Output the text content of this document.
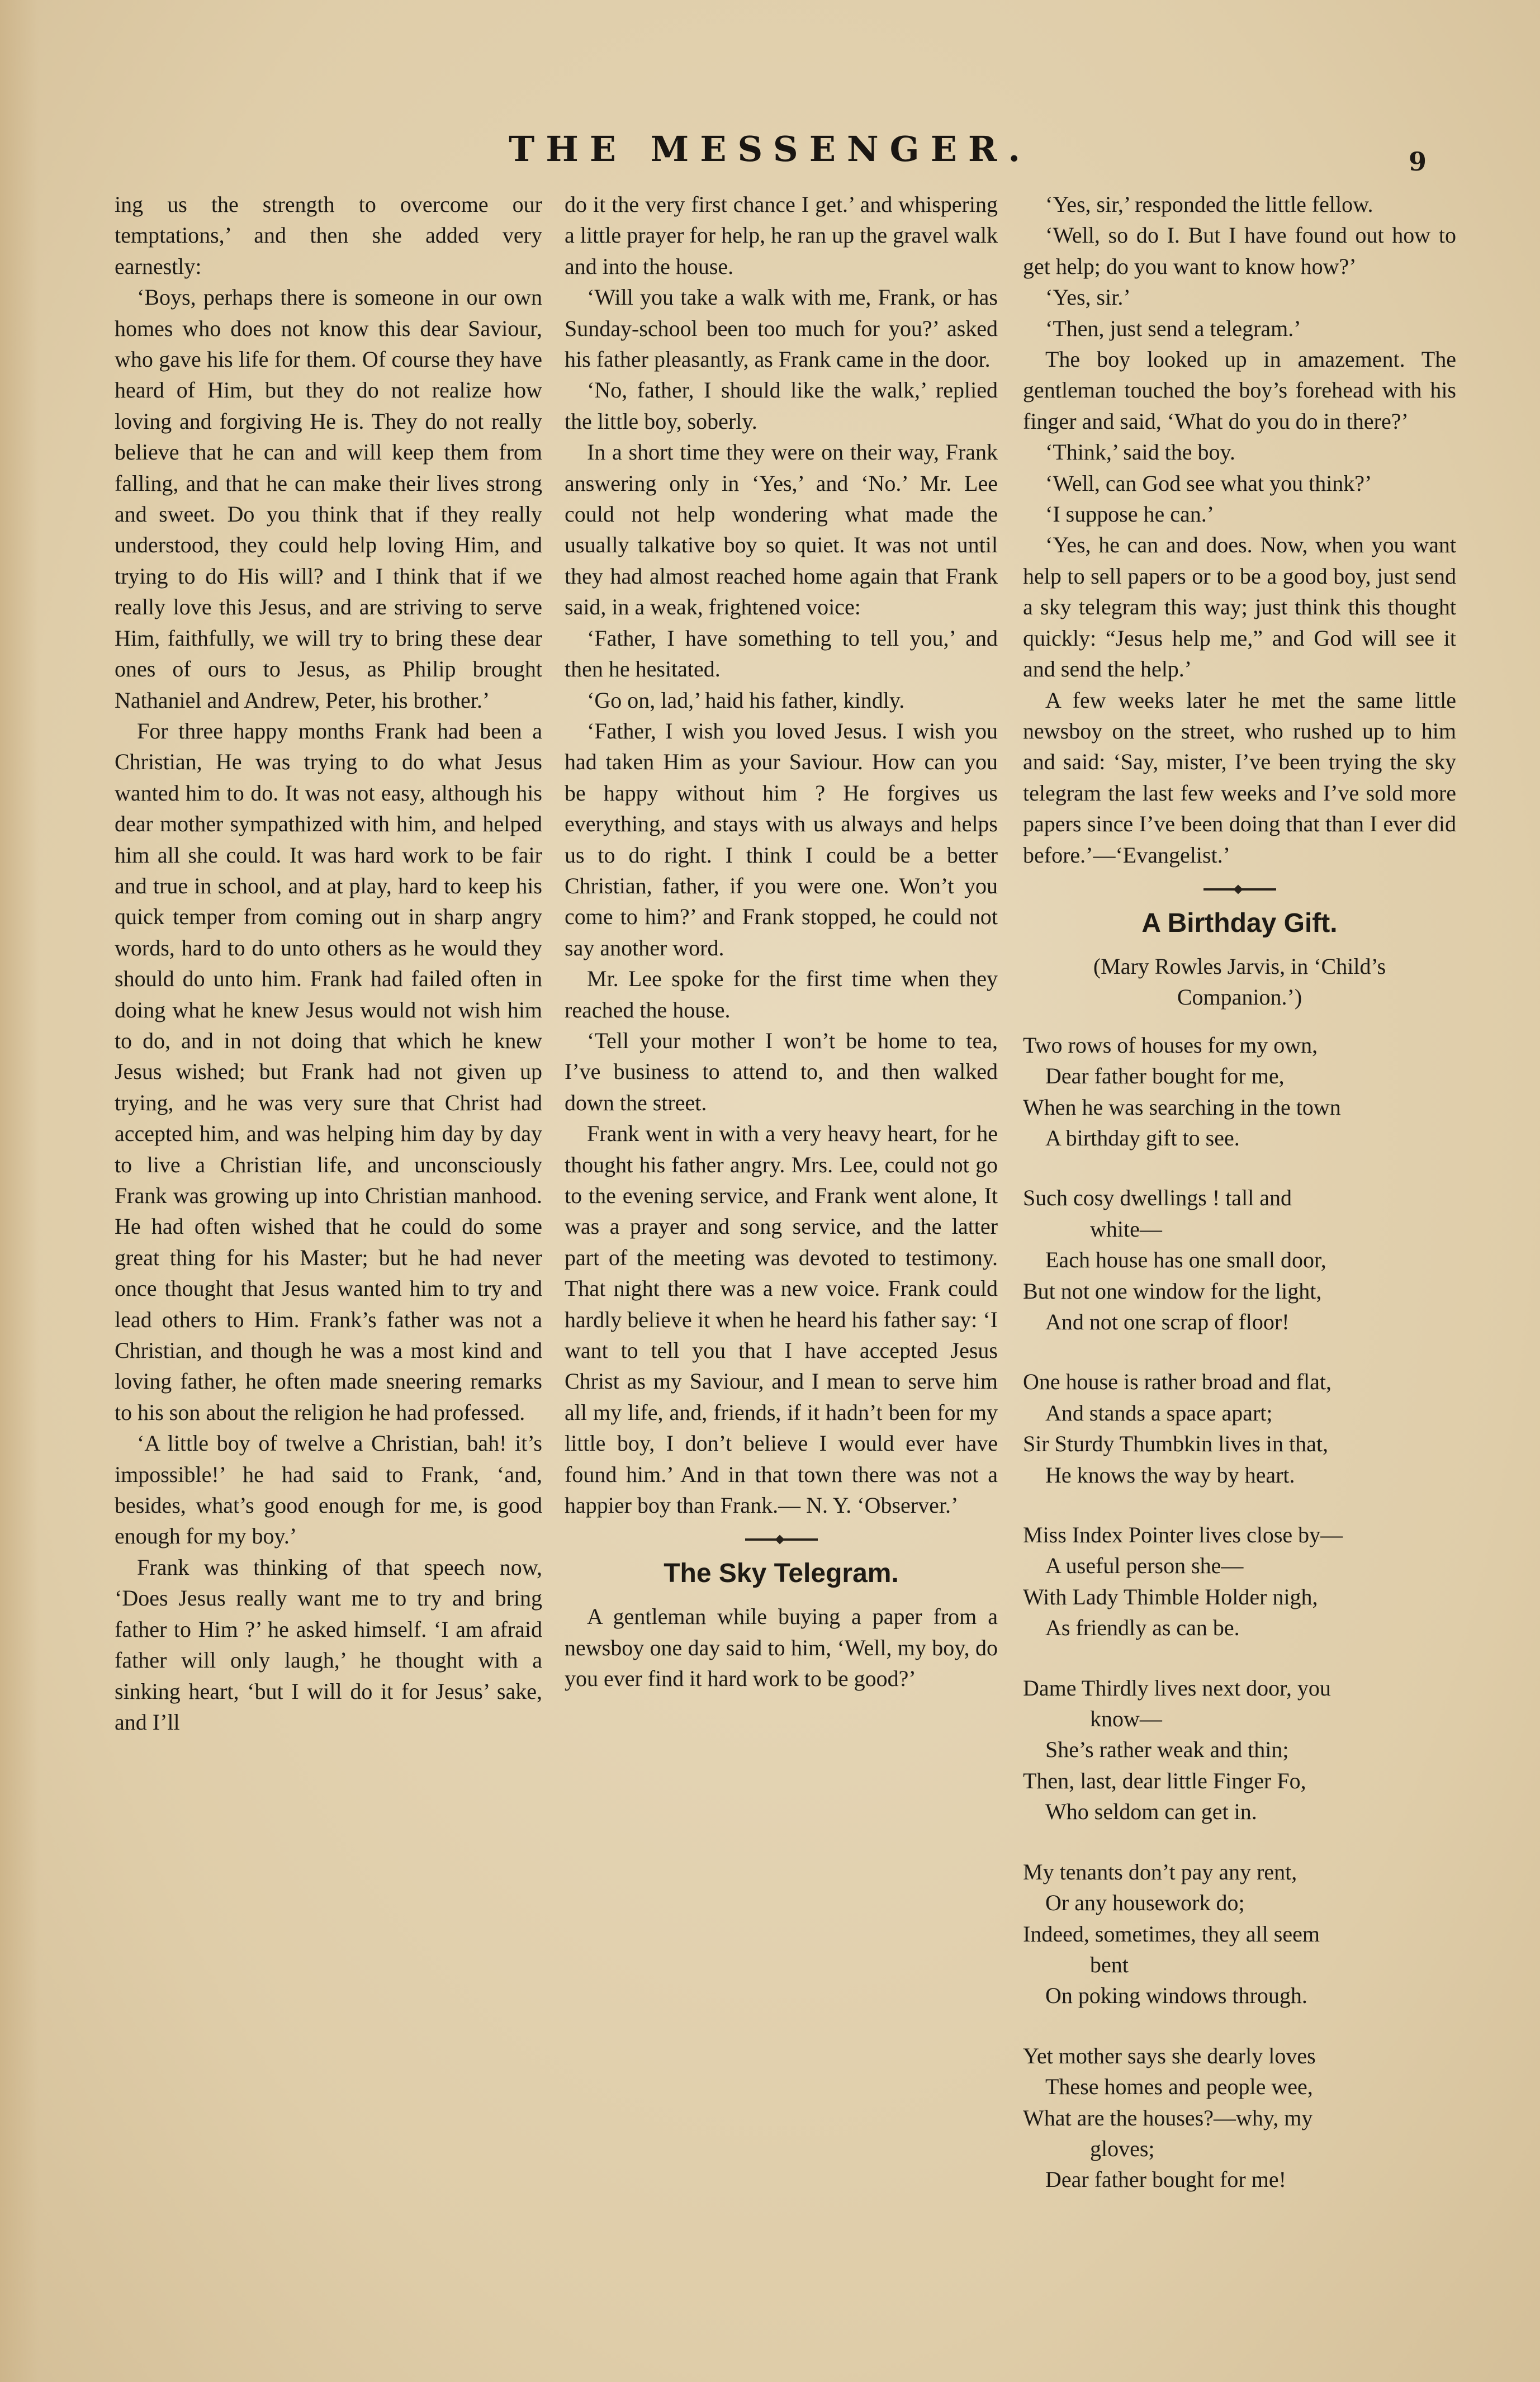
THE MESSENGER.	9

ing us the strength to overcome our temptations,’ and then she added very earnestly:

‘Boys, perhaps there is someone in our own homes who does not know this dear Saviour, who gave his life for them. Of course they have heard of Him, but they do not realize how loving and forgiving He is. They do not really believe that he can and will keep them from falling, and that he can make their lives strong and sweet. Do you think that if they really understood, they could help loving Him, and trying to do His will? and I think that if we really love this Jesus, and are striving to serve Him, faithfully, we will try to bring these dear ones of ours to Jesus, as Philip brought Nathaniel and Andrew, Peter, his brother.’

For three happy months Frank had been a Christian, He was trying to do what Jesus wanted him to do. It was not easy, although his dear mother sympathized with him, and helped him all she could. It was hard work to be fair and true in school, and at play, hard to keep his quick temper from coming out in sharp angry words, hard to do unto others as he would they should do unto him. Frank had failed often in doing what he knew Jesus would not wish him to do, and in not doing that which he knew Jesus wished; but Frank had not given up trying, and he was very sure that Christ had accepted him, and was helping him day by day to live a Christian life, and unconsciously Frank was growing up into Christian manhood. He had often wished that he could do some great thing for his Master; but he had never once thought that Jesus wanted him to try and lead others to Him. Frank’s father was not a Christian, and though he was a most kind and loving father, he often made sneering remarks to his son about the religion he had professed.

‘A little boy of twelve a Christian, bah! it’s impossible!’ he had said to Frank, ‘and, besides, what’s good enough for me, is good enough for my boy.’

Frank was thinking of that speech now, ‘Does Jesus really want me to try and bring father to Him ?’ he asked himself. ‘I am afraid father will only laugh,’ he thought with a sinking heart, ‘but I will do it for Jesus’ sake, and I’ll

do it the very first chance I get.’ and whispering a little prayer for help, he ran up the gravel walk and into the house.

‘Will you take a walk with me, Frank, or has Sunday-school been too much for you?’ asked his father pleasantly, as Frank came in the door.

‘No, father, I should like the walk,’ replied the little boy, soberly.

In a short time they were on their way, Frank answering only in ‘Yes,’ and ‘No.’ Mr. Lee could not help wondering what made the usually talkative boy so quiet. It was not until they had almost reached home again that Frank said, in a weak, frightened voice:

‘Father, I have something to tell you,’ and then he hesitated.

‘Go on, lad,’ haid his father, kindly.

‘Father, I wish you loved Jesus. I wish you had taken Him as your Saviour. How can you be happy without him ? He forgives us everything, and stays with us always and helps us to do right. I think I could be a better Christian, father, if you were one. Won’t you come to him?’ and Frank stopped, he could not say another word.

Mr. Lee spoke for the first time when they reached the house.

‘Tell your mother I won’t be home to tea, I’ve business to attend to, and then walked down the street.

Frank went in with a very heavy heart, for he thought his father angry. Mrs. Lee, could not go to the evening service, and Frank went alone, It was a prayer and song service, and the latter part of the meeting was devoted to testimony. That night there was a new voice. Frank could hardly believe it when he heard his father say: ‘I want to tell you that I have accepted Jesus Christ as my Saviour, and I mean to serve him all my life, and, friends, if it hadn’t been for my little boy, I don’t believe I would ever have found him.’ And in that town there was not a happier boy than Frank.— N. Y. ‘Observer.’

The Sky Telegram.

A gentleman while buying a paper from a newsboy one day said to him, ‘Well, my boy, do you ever find it hard work to be good?’

‘Yes, sir,’ responded the little fellow.

‘Well, so do I. But I have found out how to get help; do you want to know how?’

‘Yes, sir.’

‘Then, just send a telegram.’

The boy looked up in amazement. The gentleman touched the boy’s forehead with his finger and said, ‘What do you do in there?’

‘Think,’ said the boy.

‘Well, can God see what you think?’

‘I suppose he can.’

‘Yes, he can and does. Now, when you want help to sell papers or to be a good boy, just send a sky telegram this way; just think this thought quickly: “Jesus help me,” and God will see it and send the help.’

A few weeks later he met the same little newsboy on the street, who rushed up to him and said: ‘Say, mister, I’ve been trying the sky telegram the last few weeks and I’ve sold more papers since I’ve been doing that than I ever did before.’—‘Evangelist.’

A Birthday Gift.
(Mary Rowles Jarvis, in ‘Child’s
Companion.’)
Two rows of houses for my own,
Dear father bought for me,
When he was searching in the town
A birthday gift to see.
Such cosy dwellings ! tall and
white—
Each house has one small door,
But not one window for the light,
And not one scrap of floor!
One house is rather broad and flat,
And stands a space apart;
Sir Sturdy Thumbkin lives in that,
He knows the way by heart.
Miss Index Pointer lives close by—
A useful person she—
With Lady Thimble Holder nigh,
As friendly as can be.
Dame Thirdly lives next door, you
know—
She’s rather weak and thin;
Then, last, dear little Finger Fo,
Who seldom can get in.
My tenants don’t pay any rent,
Or any housework do;
Indeed, sometimes, they all seem
bent
On poking windows through.
Yet mother says she dearly loves
These homes and people wee,
What are the houses?—why, my
gloves;
Dear father bought for me!
